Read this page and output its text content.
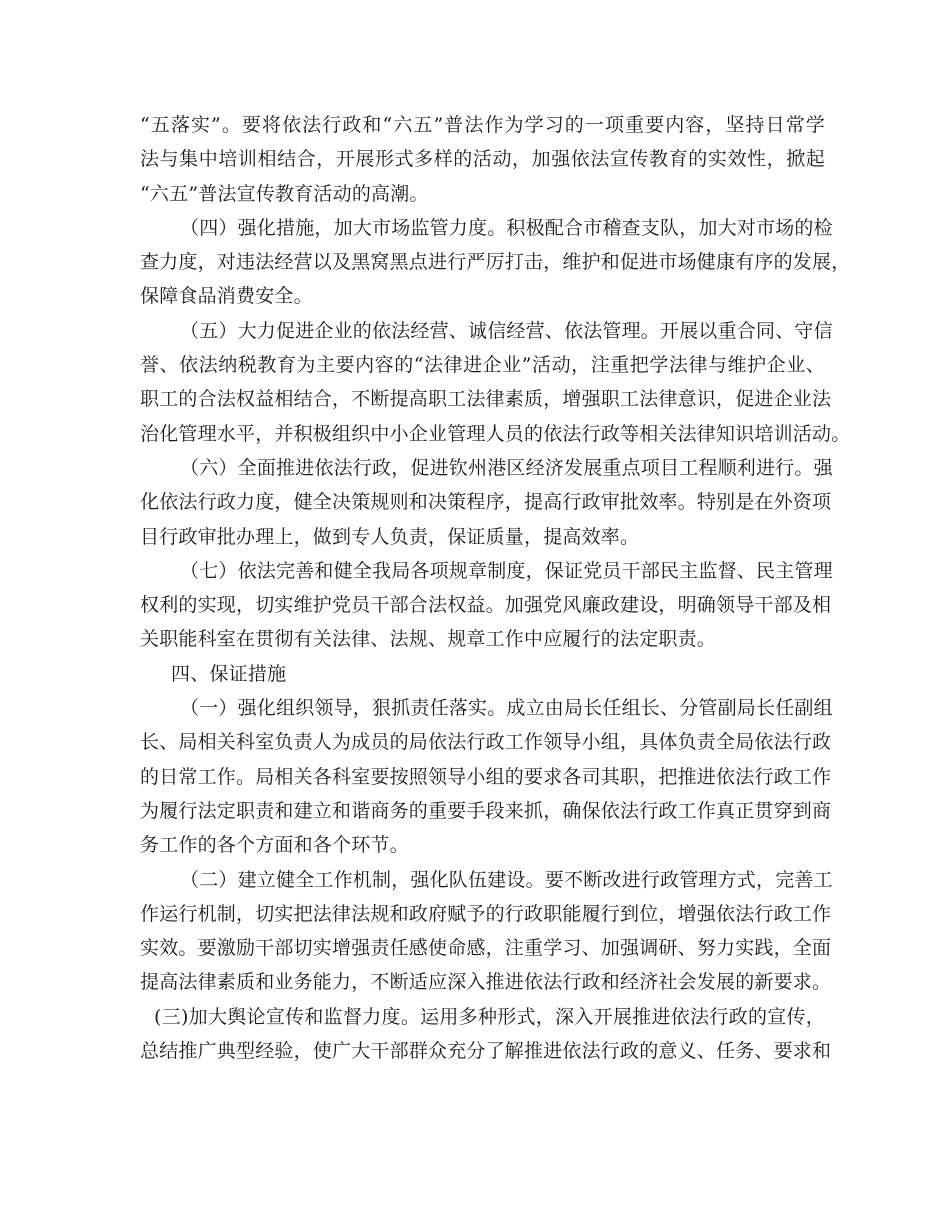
“五落实”。要将依法行政和“六五”普法作为学习的一项重要内容，坚持日常学
法与集中培训相结合，开展形式多样的活动，加强依法宣传教育的实效性，掀起
“六五”普法宣传教育活动的高潮。
（四）强化措施，加大市场监管力度。积极配合市稽查支队，加大对市场的检
查力度，对违法经营以及黑窝黑点进行严厉打击，维护和促进市场健康有序的发展，
保障食品消费安全。
（五）大力促进企业的依法经营、诚信经营、依法管理。开展以重合同、守信
誉、依法纳税教育为主要内容的“法律进企业”活动，注重把学法律与维护企业、
职工的合法权益相结合，不断提高职工法律素质，增强职工法律意识，促进企业法
治化管理水平，并积极组织中小企业管理人员的依法行政等相关法律知识培训活动。
（六）全面推进依法行政，促进钦州港区经济发展重点项目工程顺利进行。强
化依法行政力度，健全决策规则和决策程序，提高行政审批效率。特别是在外资项
目行政审批办理上，做到专人负责，保证质量，提高效率。
（七）依法完善和健全我局各项规章制度，保证党员干部民主监督、民主管理
权利的实现，切实维护党员干部合法权益。加强党风廉政建设，明确领导干部及相
关职能科室在贯彻有关法律、法规、规章工作中应履行的法定职责。
四、保证措施
（一）强化组织领导，狠抓责任落实。成立由局长任组长、分管副局长任副组
长、局相关科室负责人为成员的局依法行政工作领导小组，具体负责全局依法行政
的日常工作。局相关各科室要按照领导小组的要求各司其职，把推进依法行政工作
为履行法定职责和建立和谐商务的重要手段来抓，确保依法行政工作真正贯穿到商
务工作的各个方面和各个环节。
（二）建立健全工作机制，强化队伍建设。要不断改进行政管理方式，完善工
作运行机制，切实把法律法规和政府赋予的行政职能履行到位，增强依法行政工作
实效。要激励干部切实增强责任感使命感，注重学习、加强调研、努力实践，全面
提高法律素质和业务能力，不断适应深入推进依法行政和经济社会发展的新要求。
(三)加大舆论宣传和监督力度。运用多种形式，深入开展推进依法行政的宣传，
总结推广典型经验，使广大干部群众充分了解推进依法行政的意义、任务、要求和
